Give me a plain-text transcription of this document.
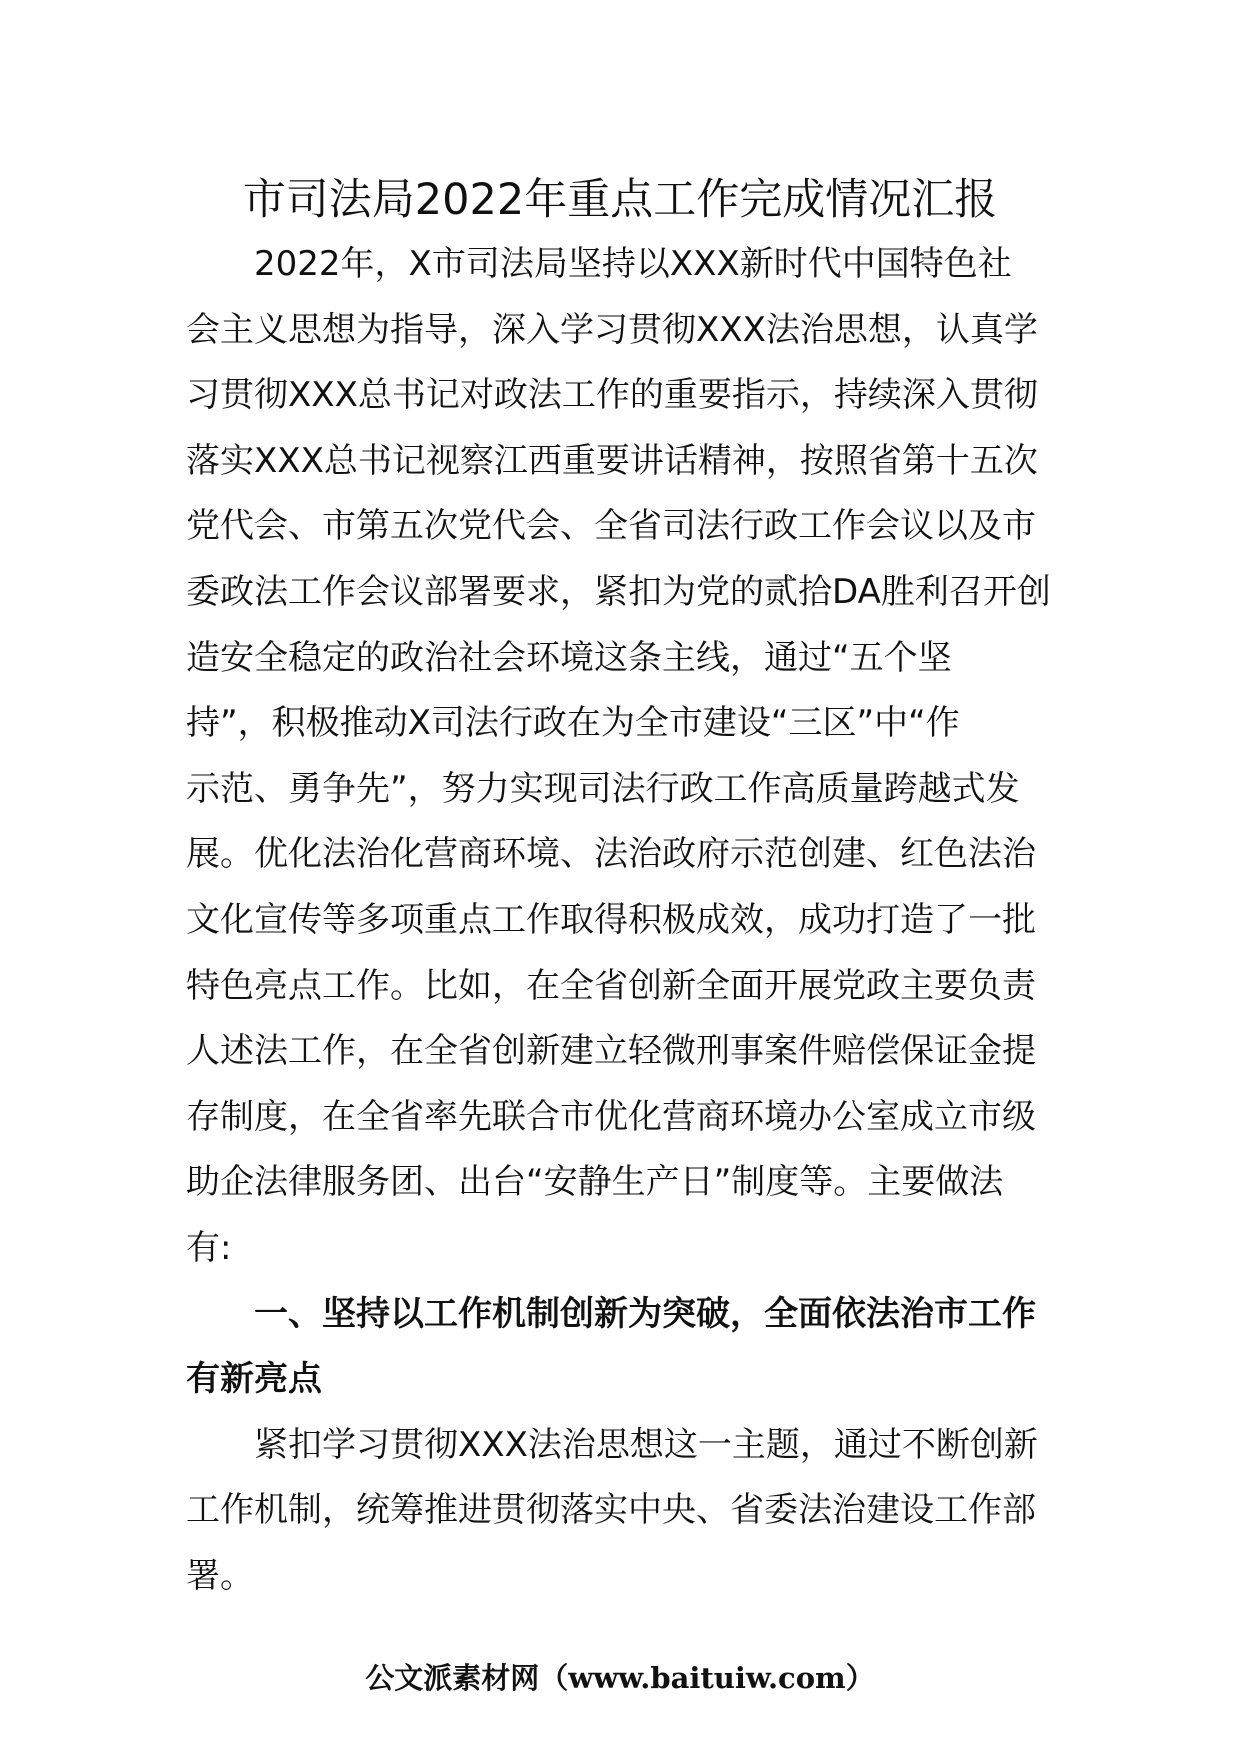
市司法局2022年重点工作完成情况汇报
2022年，X市司法局坚持以XXX新时代中国特色社
会主义思想为指导，深入学习贯彻XXX法治思想，认真学
习贯彻XXX总书记对政法工作的重要指示，持续深入贯彻
落实XXX总书记视察江西重要讲话精神，按照省第十五次
党代会、市第五次党代会、全省司法行政工作会议以及市
委政法工作会议部署要求，紧扣为党的贰拾DA胜利召开创
造安全稳定的政治社会环境这条主线，通过“五个坚
持”，积极推动X司法行政在为全市建设“三区”中“作
示范、勇争先”，努力实现司法行政工作高质量跨越式发
展。优化法治化营商环境、法治政府示范创建、红色法治
文化宣传等多项重点工作取得积极成效，成功打造了一批
特色亮点工作。比如，在全省创新全面开展党政主要负责
人述法工作，在全省创新建立轻微刑事案件赔偿保证金提
存制度，在全省率先联合市优化营商环境办公室成立市级
助企法律服务团、出台“安静生产日”制度等。主要做法
有:
一、坚持以工作机制创新为突破，全面依法治市工作
有新亮点
紧扣学习贯彻XXX法治思想这一主题，通过不断创新
工作机制，统筹推进贯彻落实中央、省委法治建设工作部
署。
公文派素材网（www.baituiw.com）
